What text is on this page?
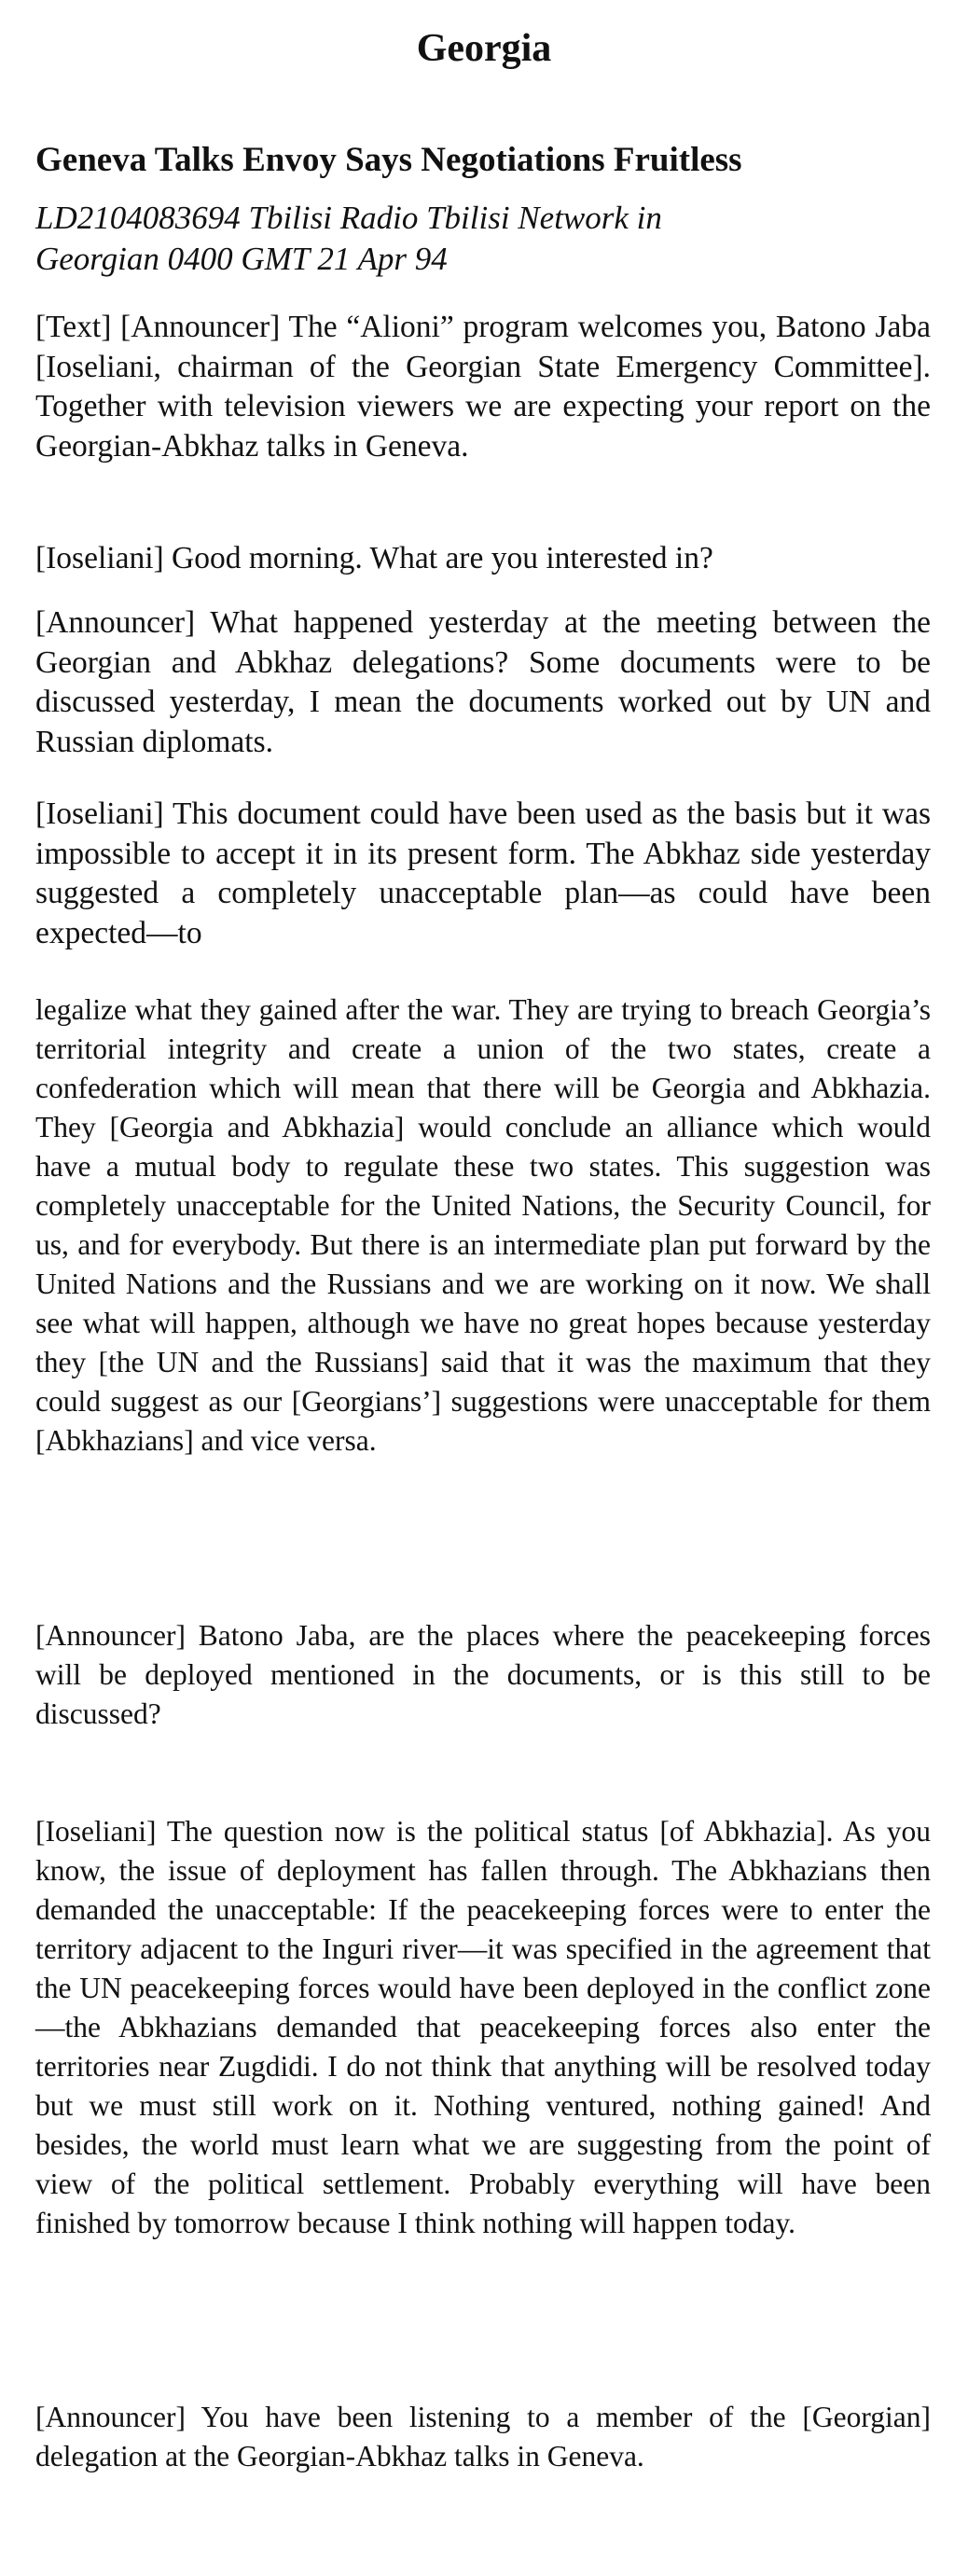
Georgia
Geneva Talks Envoy Says Negotiations Fruitless
LD2104083694 Tbilisi Radio Tbilisi Network in
Georgian 0400 GMT 21 Apr 94

[Text] [Announcer] The “Alioni” program welcomes you, Batono Jaba [Ioseliani, chairman of the Georgian State Emergency Committee]. Together with television viewers we are expecting your report on the Georgian-Abkhaz talks in Geneva.

[Ioseliani] Good morning. What are you interested in?

[Announcer] What happened yesterday at the meeting between the Georgian and Abkhaz delegations? Some documents were to be discussed yesterday, I mean the documents worked out by UN and Russian diplomats.

[Ioseliani] This document could have been used as the basis but it was impossible to accept it in its present form. The Abkhaz side yesterday suggested a completely unacceptable plan—as could have been expected—to

legalize what they gained after the war. They are trying to breach Georgia’s territorial integrity and create a union of the two states, create a confederation which will mean that there will be Georgia and Abkhazia. They [Georgia and Abkhazia] would conclude an alliance which would have a mutual body to regulate these two states. This suggestion was completely unacceptable for the United Nations, the Security Council, for us, and for everybody. But there is an intermediate plan put forward by the United Nations and the Russians and we are working on it now. We shall see what will happen, although we have no great hopes because yesterday they [the UN and the Russians] said that it was the maximum that they could suggest as our [Georgians’] suggestions were unacceptable for them [Abkhazians] and vice versa.

[Announcer] Batono Jaba, are the places where the peacekeeping forces will be deployed mentioned in the documents, or is this still to be discussed?

[Ioseliani] The question now is the political status [of Abkhazia]. As you know, the issue of deployment has fallen through. The Abkhazians then demanded the unacceptable: If the peacekeeping forces were to enter the territory adjacent to the Inguri river—it was specified in the agreement that the UN peacekeeping forces would have been deployed in the conflict zone—the Abkhazians demanded that peacekeeping forces also enter the territories near Zugdidi. I do not think that anything will be resolved today but we must still work on it. Nothing ventured, nothing gained! And besides, the world must learn what we are suggesting from the point of view of the political settlement. Probably everything will have been finished by tomorrow because I think nothing will happen today.

[Announcer] You have been listening to a member of the [Georgian] delegation at the Georgian-Abkhaz talks in Geneva.
